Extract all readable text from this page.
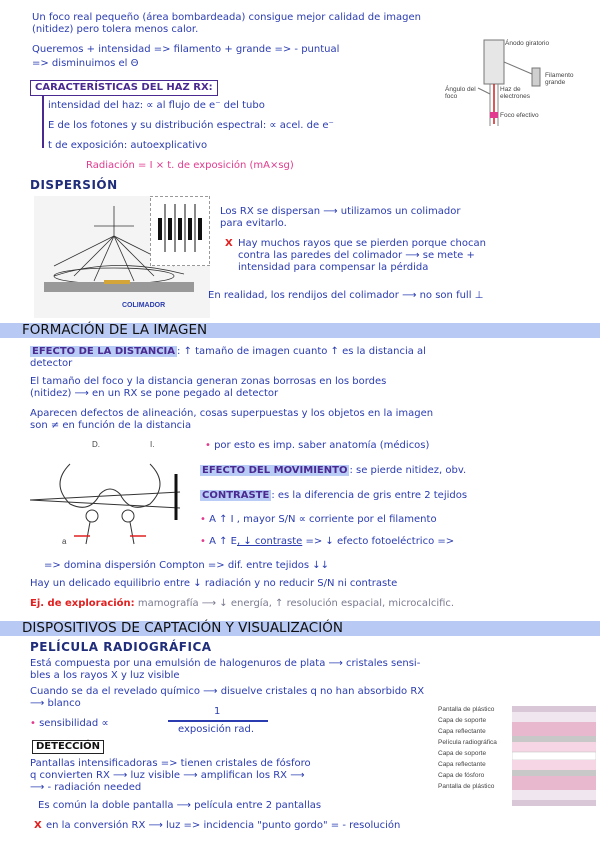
Un foco real pequeño (área bombardeada) consigue mejor calidad de imagen
(nitidez) pero tolera menos calor.
Queremos + intensidad => filamento + grande => - puntual
=> disminuimos el Θ
Ánodo giratorio
Filamento grande
Ángulo del foco
Haz de electrones
Foco efectivo
CARACTERÍSTICAS DEL HAZ RX:
intensidad del haz: ∝ al flujo de e⁻ del tubo
E de los fotones y su distribución espectral: ∝ acel. de e⁻
t de exposición: autoexplicativo
Radiación = I × t. de exposición (mA×sg)
DISPERSIÓN
COLIMADOR
Los RX se dispersan ⟶ utilizamos un colimador
para evitarlo.
X Hay muchos rayos que se pierden porque chocan
contra las paredes del colimador ⟶ se mete +
intensidad para compensar la pérdida
En realidad, los rendijos del colimador ⟶ no son full ⊥
FORMACIÓN DE LA IMAGEN
EFECTO DE LA DISTANCIA : ↑ tamaño de imagen cuanto ↑ es la distancia al
detector
El tamaño del foco y la distancia generan zonas borrosas en los bordes
(nitidez) ⟶ en un RX se pone pegado al detector
Aparecen defectos de alineación, cosas superpuestas y los objetos en la imagen
son ≠ en función de la distancia
D.	I.
a
• por esto es imp. saber anatomía (médicos)
EFECTO DEL MOVIMIENTO : se pierde nitidez, obv.
CONTRASTE : es la diferencia de gris entre 2 tejidos
• A ↑ I , mayor S/N ∝ corriente por el filamento
• A ↑ E, ↓ contraste => ↓ efecto fotoeléctrico =>
=> domina dispersión Compton => dif. entre tejidos ↓↓
Hay un delicado equilibrio entre ↓ radiación y no reducir S/N ni contraste
Ej. de exploración: mamografía ⟶ ↓ energía, ↑ resolución espacial, microcalcific.
DISPOSITIVOS DE CAPTACIÓN Y VISUALIZACIÓN
PELÍCULA RADIOGRÁFICA
Está compuesta por una emulsión de halogenuros de plata ⟶ cristales sensi-
bles a los rayos X y luz visible
Cuando se da el revelado químico ⟶ disuelve cristales q no han absorbido RX
⟶ blanco
• sensibilidad ∝
1
exposición rad.
DETECCIÓN
Pantallas intensificadoras => tienen cristales de fósforo
q convierten RX ⟶ luz visible ⟶ amplifican los RX ⟶
⟶ - radiación needed
Es común la doble pantalla ⟶ película entre 2 pantallas
X en la conversión RX ⟶ luz => incidencia "punto gordo" = - resolución
Pantalla de plástico
Capa de soporte
Capa reflectante
Película radiográfica
Capa de soporte
Capa reflectante
Capa de fósforo
Pantalla de plástico
